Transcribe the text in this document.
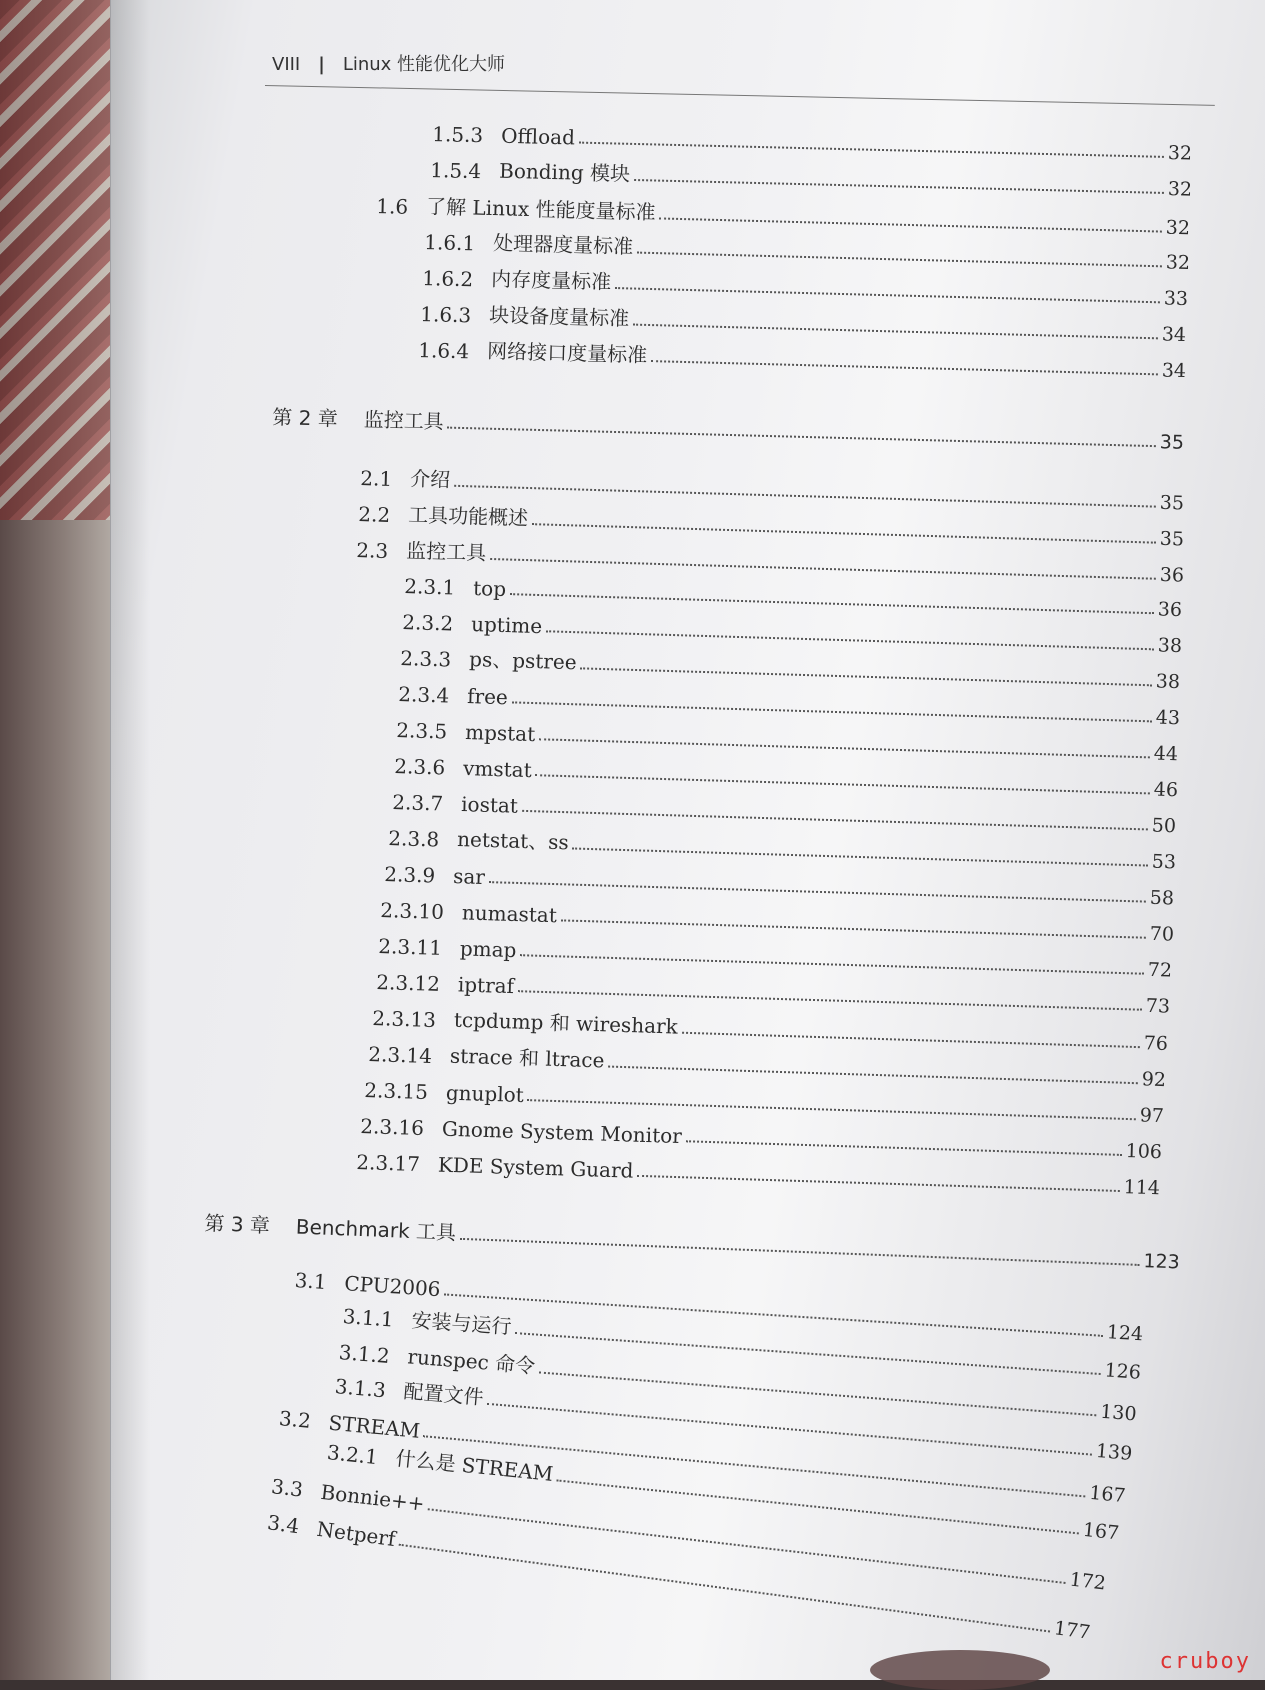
VIII | Linux 性能优化大师
1.5.3 Offload
32
1.5.4 Bonding 模块
32
1.6 了解 Linux 性能度量标准
32
1.6.1 处理器度量标准
32
1.6.2 内存度量标准
33
1.6.3 块设备度量标准
34
1.6.4 网络接口度量标准
34
第 2 章 监控工具
35
2.1 介绍
35
2.2 工具功能概述
35
2.3 监控工具
36
2.3.1 top
36
2.3.2 uptime
38
2.3.3 ps、pstree
38
2.3.4 free
43
2.3.5 mpstat
44
2.3.6 vmstat
46
2.3.7 iostat
50
2.3.8 netstat、ss
53
2.3.9 sar
58
2.3.10 numastat
70
2.3.11 pmap
72
2.3.12 iptraf
73
2.3.13 tcpdump 和 wireshark
76
2.3.14 strace 和 ltrace
92
2.3.15 gnuplot
97
2.3.16 Gnome System Monitor
106
2.3.17 KDE System Guard
114
第 3 章 Benchmark 工具
123
3.1 CPU2006
124
3.1.1 安装与运行
126
3.1.2 runspec 命令
130
3.1.3 配置文件
139
3.2 STREAM
167
3.2.1 什么是 STREAM
167
3.3 Bonnie++
172
3.4 Netperf
177
cruboy
